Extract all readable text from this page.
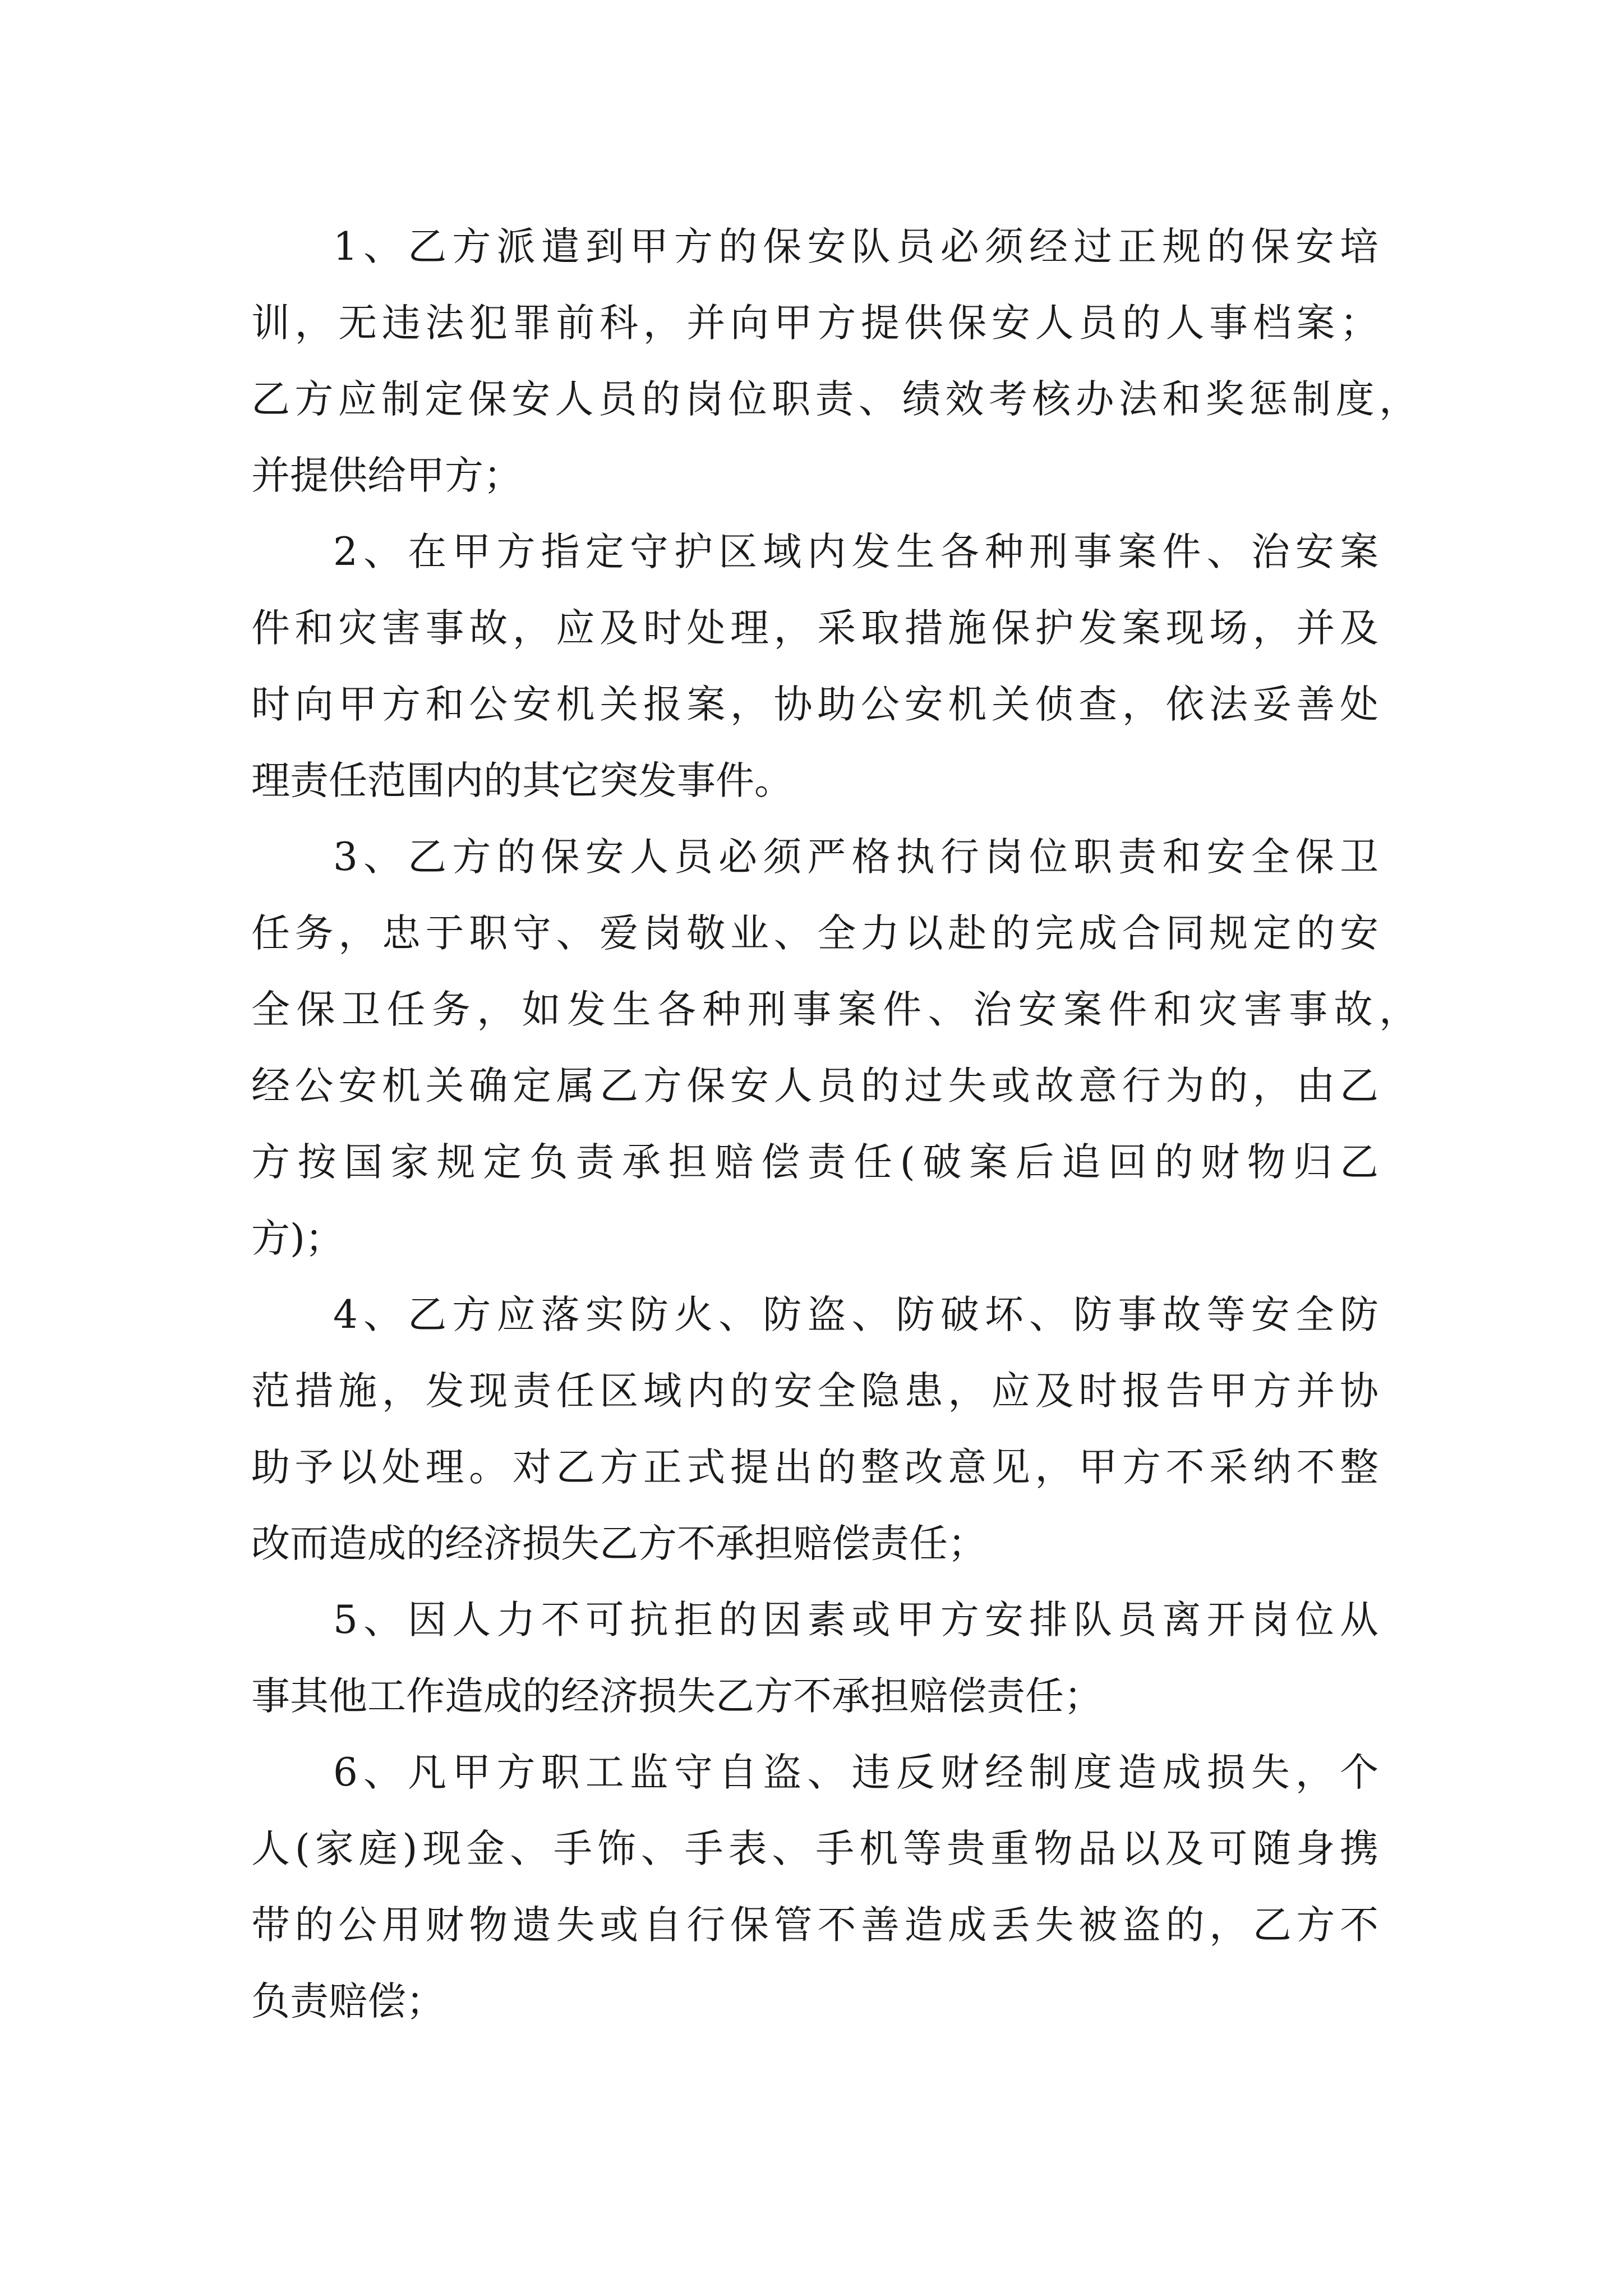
1、乙方派遣到甲方的保安队员必须经过正规的保安培
训，无违法犯罪前科，并向甲方提供保安人员的人事档案；
乙方应制定保安人员的岗位职责、绩效考核办法和奖惩制度，
并提供给甲方；
2、在甲方指定守护区域内发生各种刑事案件、治安案
件和灾害事故，应及时处理，采取措施保护发案现场，并及
时向甲方和公安机关报案，协助公安机关侦查，依法妥善处
理责任范围内的其它突发事件。
3、乙方的保安人员必须严格执行岗位职责和安全保卫
任务，忠于职守、爱岗敬业、全力以赴的完成合同规定的安
全保卫任务，如发生各种刑事案件、治安案件和灾害事故，
经公安机关确定属乙方保安人员的过失或故意行为的，由乙
方按国家规定负责承担赔偿责任(破案后追回的财物归乙
方)；
4、乙方应落实防火、防盗、防破坏、防事故等安全防
范措施，发现责任区域内的安全隐患，应及时报告甲方并协
助予以处理。对乙方正式提出的整改意见，甲方不采纳不整
改而造成的经济损失乙方不承担赔偿责任；
5、因人力不可抗拒的因素或甲方安排队员离开岗位从
事其他工作造成的经济损失乙方不承担赔偿责任；
6、凡甲方职工监守自盗、违反财经制度造成损失，个
人(家庭)现金、手饰、手表、手机等贵重物品以及可随身携
带的公用财物遗失或自行保管不善造成丢失被盗的，乙方不
负责赔偿；
